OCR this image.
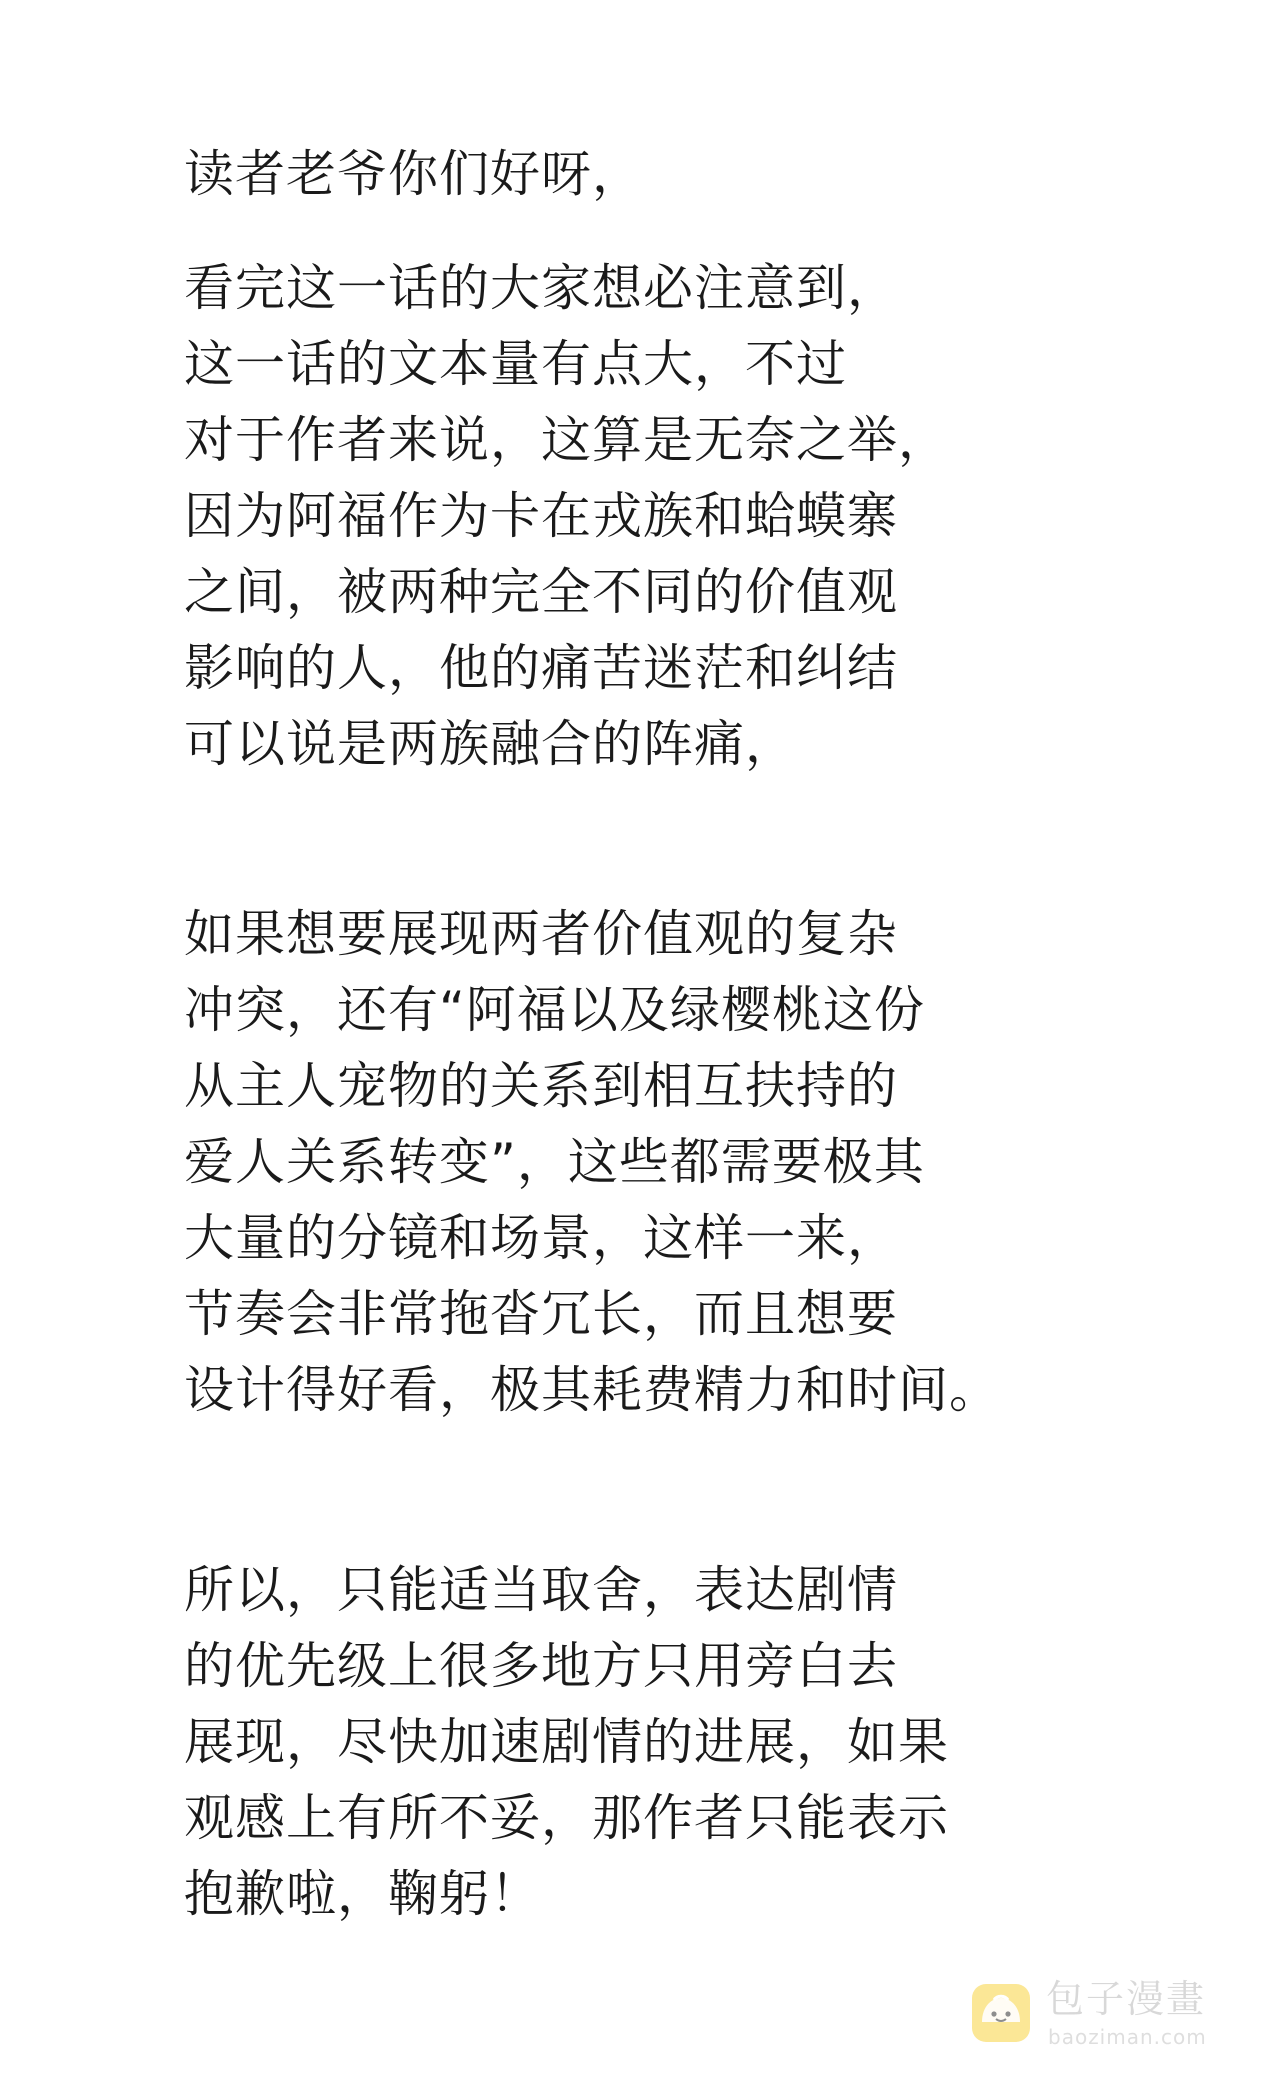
读者老爷你们好呀，
看完这一话的大家想必注意到，
这一话的文本量有点大，不过
对于作者来说，这算是无奈之举，
因为阿福作为卡在戎族和蛤蟆寨
之间，被两种完全不同的价值观
影响的人，他的痛苦迷茫和纠结
可以说是两族融合的阵痛，
如果想要展现两者价值观的复杂
冲突，还有“阿福以及绿樱桃这份
从主人宠物的关系到相互扶持的
爱人关系转变”，这些都需要极其
大量的分镜和场景，这样一来，
节奏会非常拖沓冗长，而且想要
设计得好看，极其耗费精力和时间。
所以，只能适当取舍，表达剧情
的优先级上很多地方只用旁白去
展现，尽快加速剧情的进展，如果
观感上有所不妥，那作者只能表示
抱歉啦，鞠躬！
包子漫畫
baoziman.com
